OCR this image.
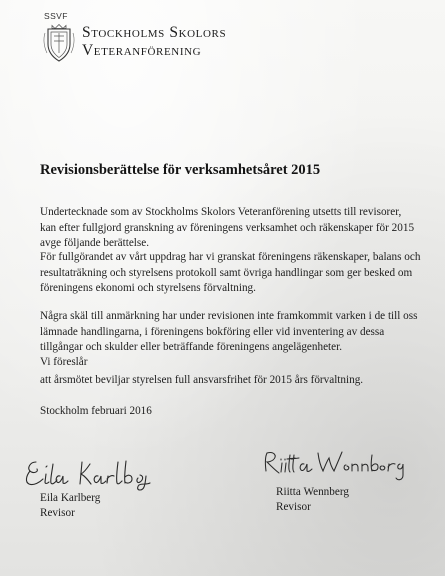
SSVF
Stockholms Skolors
Veteranförening
Revisionsberättelse för verksamhetsåret 2015

Undertecknade som av Stockholms Skolors Veteranförening utsetts till revisorer, kan efter fullgjord granskning av föreningens verksamhet och räkenskaper för 2015 avge följande berättelse.

För fullgörandet av vårt uppdrag har vi granskat föreningens räkenskaper, balans och resultaträkning och styrelsens protokoll samt övriga handlingar som ger besked om föreningens ekonomi och styrelsens förvaltning.

Några skäl till anmärkning har under revisionen inte framkommit varken i de till oss lämnade handlingarna, i föreningens bokföring eller vid inventering av dessa tillgångar och skulder eller beträffande föreningens angelägenheter.

Vi föreslår

att årsmötet beviljar styrelsen full ansvarsfrihet för 2015 års förvaltning.

Stockholm februari 2016

Eila Karlberg
Revisor
Riitta Wennberg
Revisor
